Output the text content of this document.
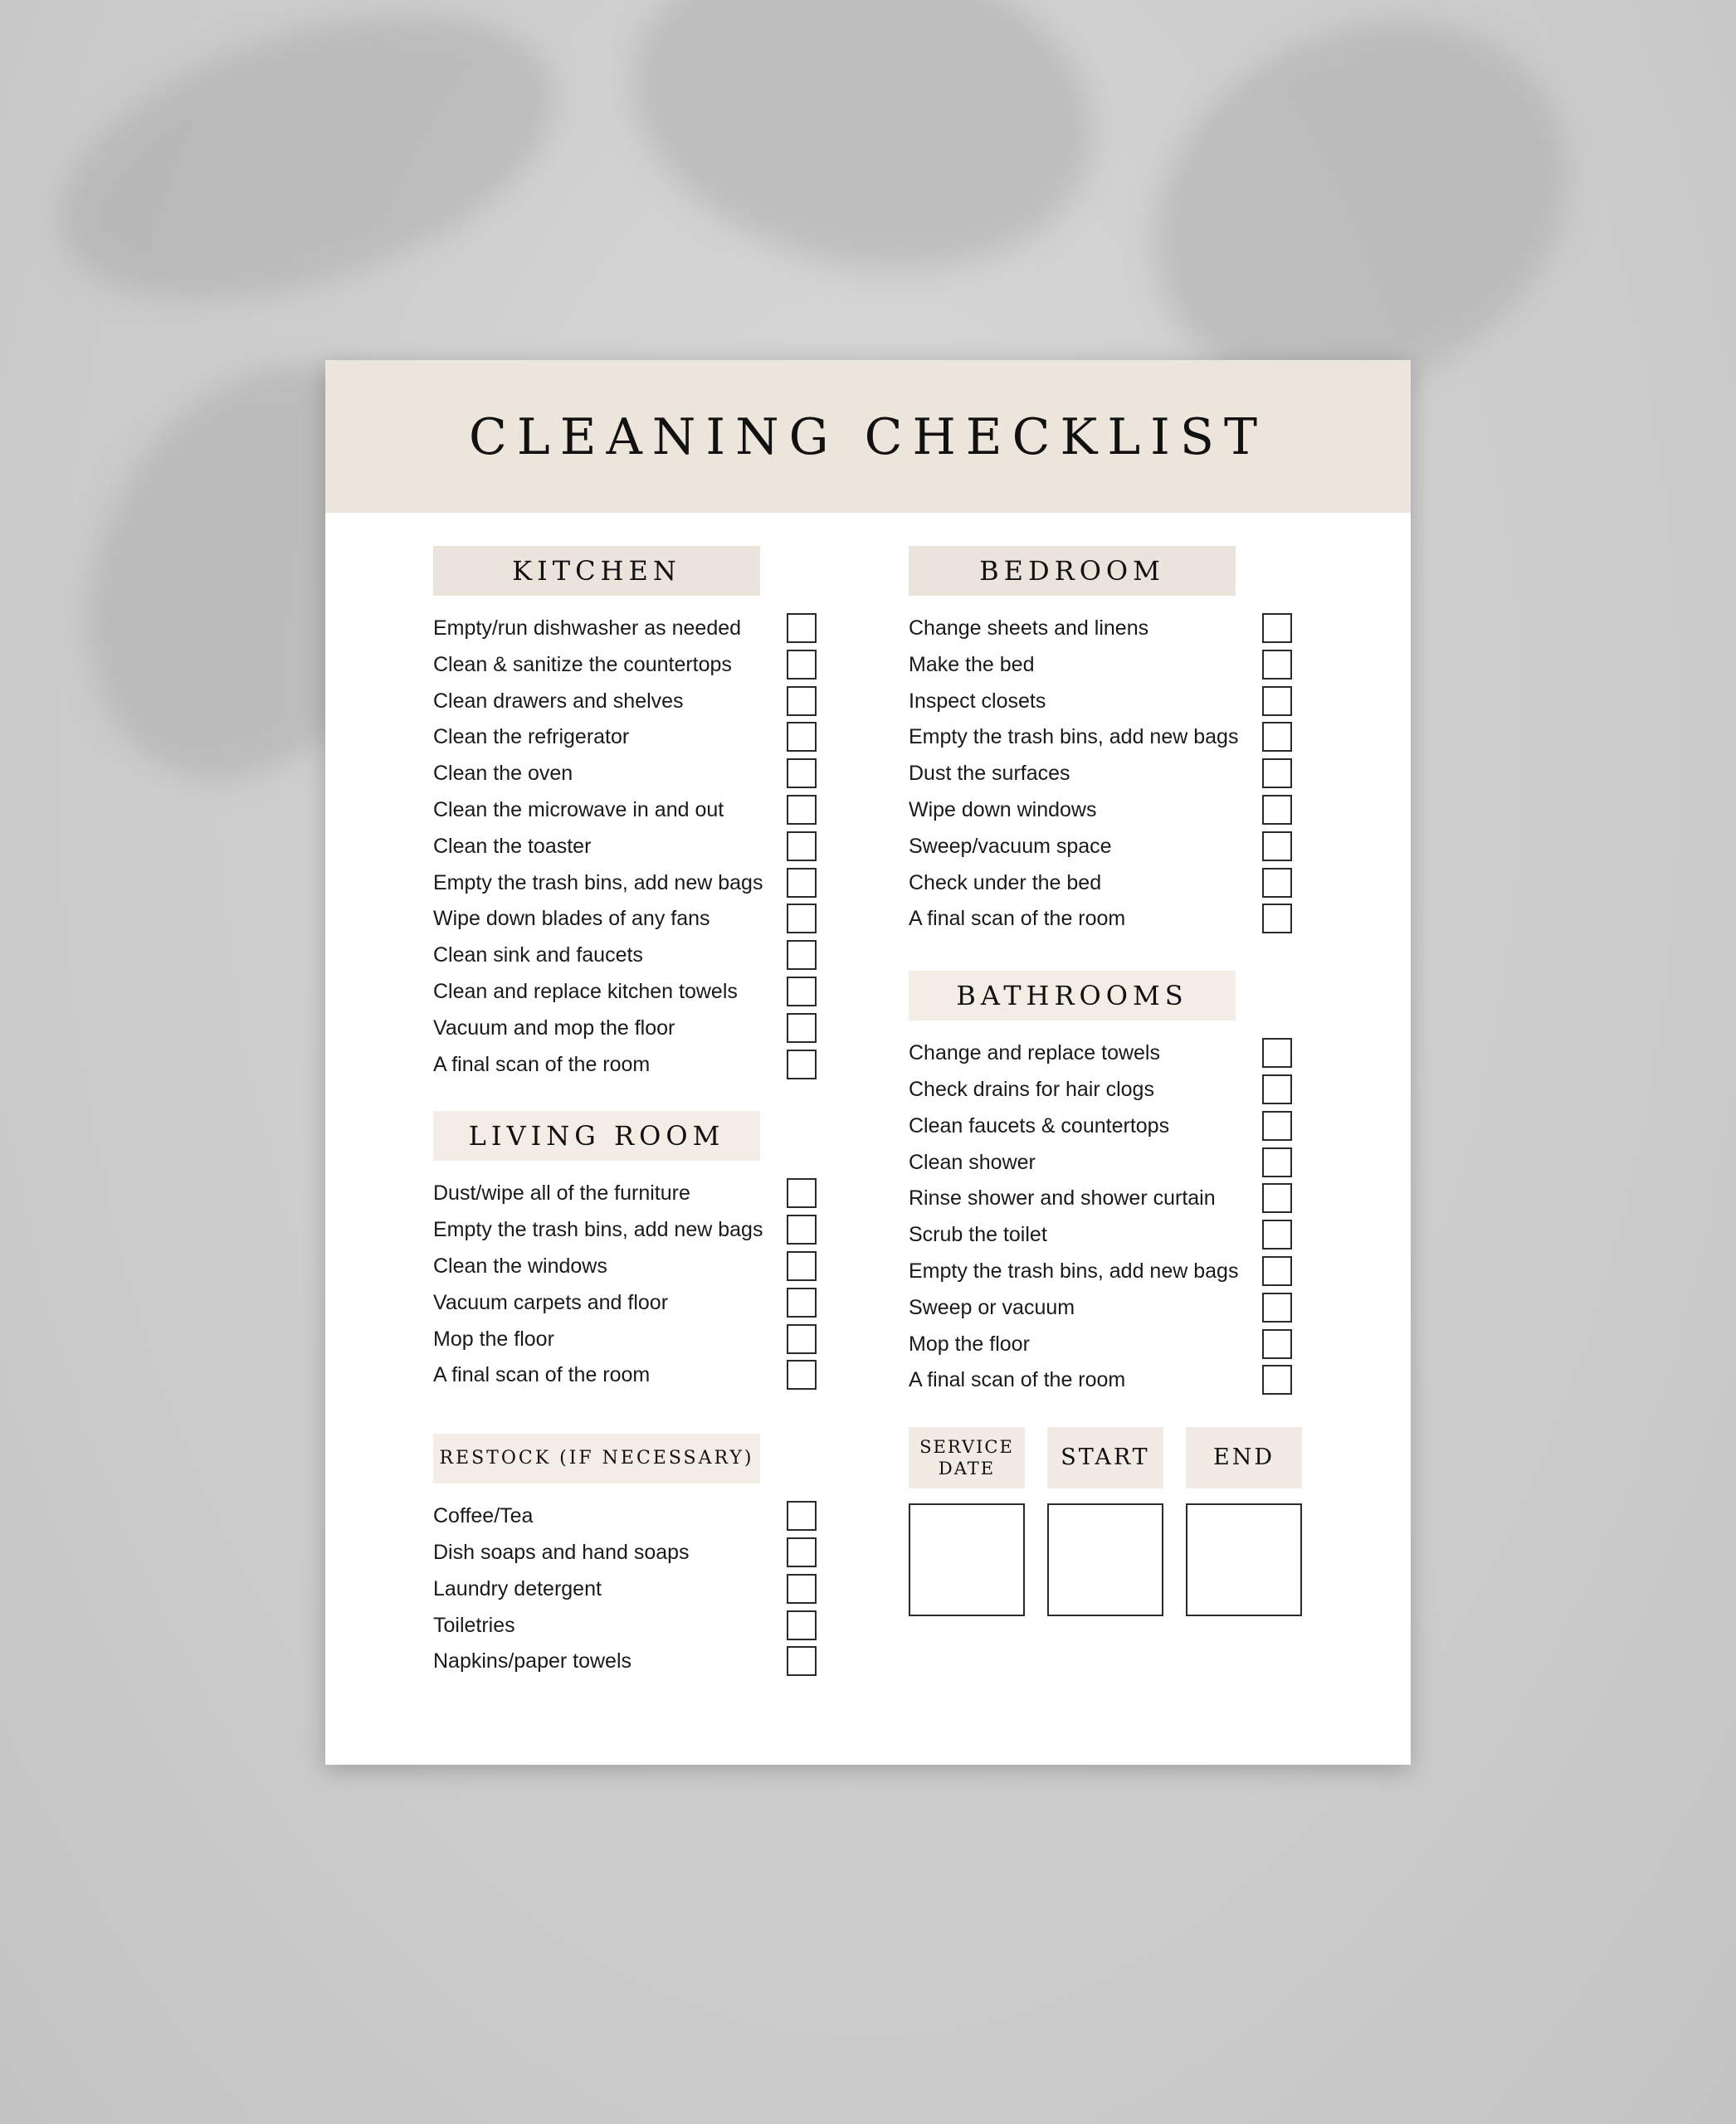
CLEANING CHECKLIST
KITCHEN
Empty/run dishwasher as needed
Clean & sanitize the countertops
Clean drawers and shelves
Clean the refrigerator
Clean the oven
Clean the microwave in and out
Clean the toaster
Empty the trash bins, add new bags
Wipe down blades of any fans
Clean sink and faucets
Clean and replace kitchen towels
Vacuum and mop the floor
A final scan of the room
LIVING ROOM
Dust/wipe all of the furniture
Empty the trash bins, add new bags
Clean the windows
Vacuum carpets and floor
Mop the floor
A final scan of the room
RESTOCK (IF NECESSARY)
Coffee/Tea
Dish soaps and hand soaps
Laundry detergent
Toiletries
Napkins/paper towels
BEDROOM
Change sheets and linens
Make the bed
Inspect closets
Empty the trash bins, add new bags
Dust the surfaces
Wipe down windows
Sweep/vacuum space
Check under the bed
A final scan of the room
BATHROOMS
Change and replace towels
Check drains for hair clogs
Clean faucets & countertops
Clean shower
Rinse shower and shower curtain
Scrub the toilet
Empty the trash bins, add new bags
Sweep or vacuum
Mop the floor
A final scan of the room
SERVICE
DATE	START	END
